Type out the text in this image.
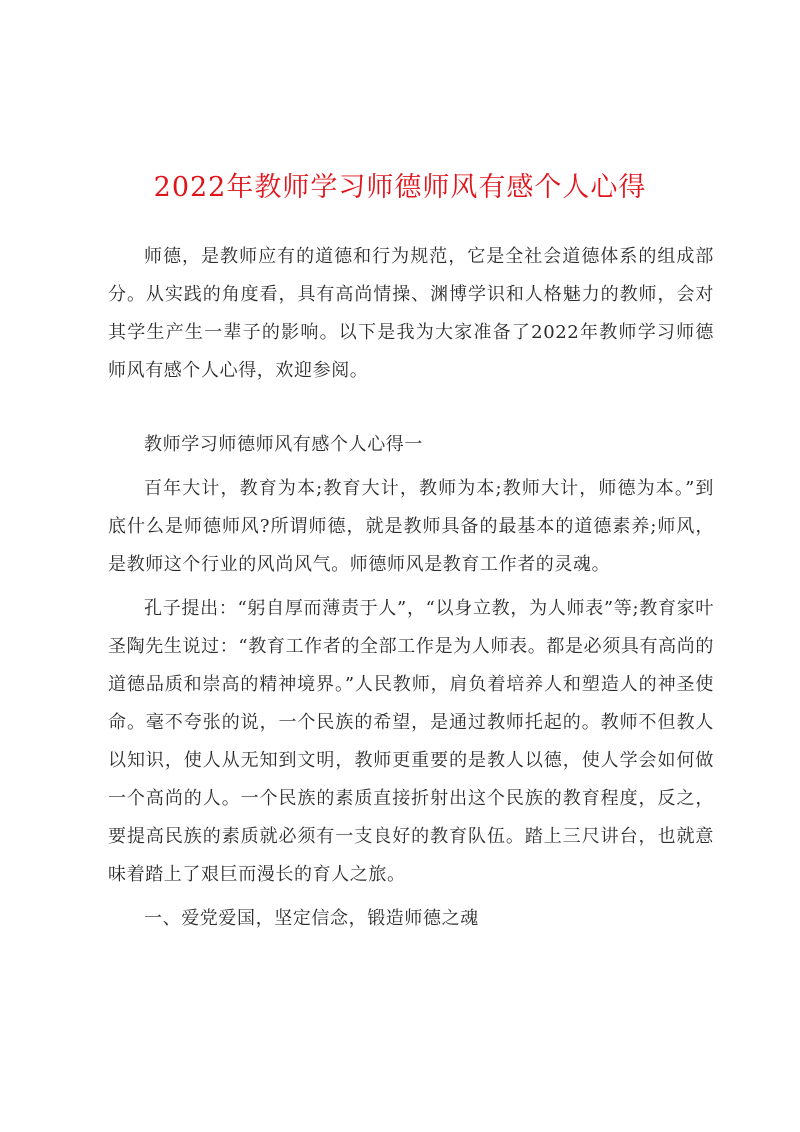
2022年教师学习师德师风有感个人心得

师德，是教师应有的道德和行为规范，它是全社会道德体系的组成部分。从实践的角度看，具有高尚情操、渊博学识和人格魅力的教师，会对其学生产生一辈子的影响。以下是我为大家准备了2022年教师学习师德师风有感个人心得，欢迎参阅。

教师学习师德师风有感个人心得一

百年大计，教育为本;教育大计，教师为本;教师大计，师德为本。”到底什么是师德师风?所谓师德，就是教师具备的最基本的道德素养;师风，是教师这个行业的风尚风气。师德师风是教育工作者的灵魂。

孔子提出：“躬自厚而薄责于人”，“以身立教，为人师表”等;教育家叶圣陶先生说过：“教育工作者的全部工作是为人师表。都是必须具有高尚的道德品质和崇高的精神境界。”人民教师，肩负着培养人和塑造人的神圣使命。毫不夸张的说，一个民族的希望，是通过教师托起的。教师不但教人以知识，使人从无知到文明，教师更重要的是教人以德，使人学会如何做一个高尚的人。一个民族的素质直接折射出这个民族的教育程度，反之，要提高民族的素质就必须有一支良好的教育队伍。踏上三尺讲台，也就意味着踏上了艰巨而漫长的育人之旅。

一、爱党爱国，坚定信念，锻造师德之魂
